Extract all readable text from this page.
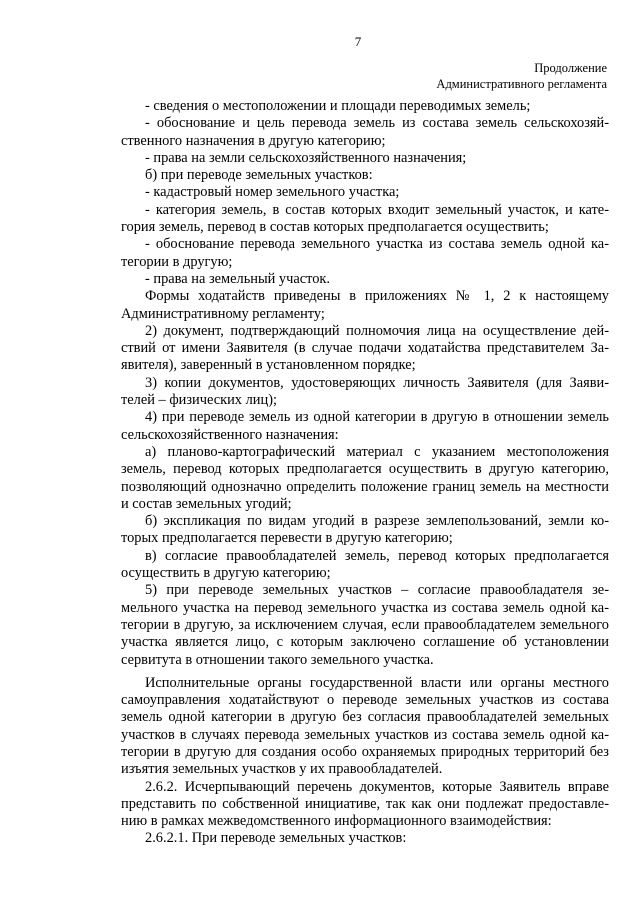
7
Продолжение
Административного регламента

- сведения о местоположении и площади переводимых земель;

- обоснование и цель перевода земель из состава земель сельскохозяйственного назначения в другую категорию;

- права на земли сельскохозяйственного назначения;

б) при переводе земельных участков:

- кадастровый номер земельного участка;

- категория земель, в состав которых входит земельный участок, и категория земель, перевод в состав которых предполагается осуществить;

- обоснование перевода земельного участка из состава земель одной категории в другую;

- права на земельный участок.

Формы ходатайств приведены в приложениях № 1, 2 к настоящему Административному регламенту;

2) документ, подтверждающий полномочия лица на осуществление действий от имени Заявителя (в случае подачи ходатайства представителем Заявителя), заверенный в установленном порядке;

3) копии документов, удостоверяющих личность Заявителя (для Заявителей – физических лиц);

4) при переводе земель из одной категории в другую в отношении земель сельскохозяйственного назначения:

а) планово-картографический материал с указанием местоположения земель, перевод которых предполагается осуществить в другую категорию, позволяющий однозначно определить положение границ земель на местности и состав земельных угодий;

б) экспликация по видам угодий в разрезе землепользований, земли которых предполагается перевести в другую категорию;

в) согласие правообладателей земель, перевод которых предполагается осуществить в другую категорию;

5) при переводе земельных участков – согласие правообладателя земельного участка на перевод земельного участка из состава земель одной категории в другую, за исключением случая, если правообладателем земельного участка является лицо, с которым заключено соглашение об установлении сервитута в отношении такого земельного участка.

Исполнительные органы государственной власти или органы местного самоуправления ходатайствуют о переводе земельных участков из состава земель одной категории в другую без согласия правообладателей земельных участков в случаях перевода земельных участков из состава земель одной категории в другую для создания особо охраняемых природных территорий без изъятия земельных участков у их правообладателей.

2.6.2. Исчерпывающий перечень документов, которые Заявитель вправе представить по собственной инициативе, так как они подлежат предоставлению в рамках межведомственного информационного взаимодействия:

2.6.2.1. При переводе земельных участков:
